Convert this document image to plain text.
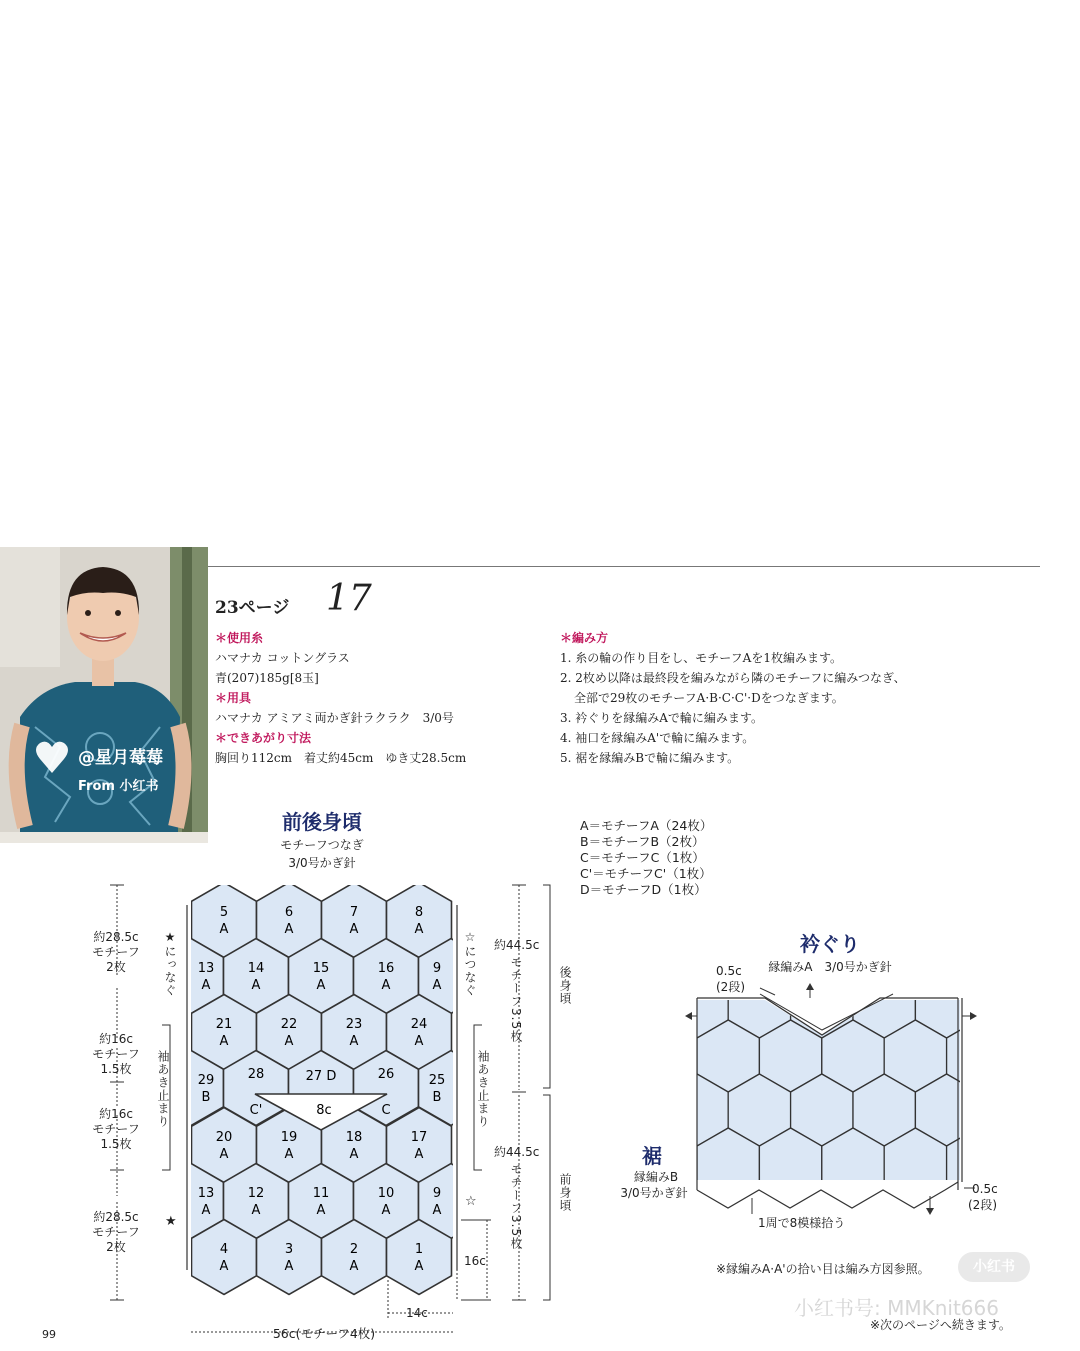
@星月莓莓
From 小红书
23ページ 17
＊使用糸
ハマナカ コットングラス
青(207)185g[8玉]
＊用具
ハマナカ アミアミ両かぎ針ラクラク　3/0号
＊できあがり寸法
胸回り112cm　着丈約45cm　ゆき丈28.5cm
＊編み方
1. 糸の輪の作り目をし、モチーフAを1枚編みます。
2. 2枚め以降は最終段を編みながら隣のモチーフに編みつなぎ、
全部で29枚のモチーフA·B·C·C'·Dをつなぎます。
3. 衿ぐりを縁編みAで輪に編みます。
4. 袖口を縁編みA'で輪に編みます。
5. 裾を縁編みBで輪に編みます。
前後身頃
モチーフつなぎ
3/0号かぎ針
A＝モチーフA（24枚）
B＝モチーフB（2枚）
C＝モチーフC（1枚）
C'＝モチーフC'（1枚）
D＝モチーフD（1枚）
5
A
6
A
7
A
8
A
13
A
14
A
15
A
16
A
9
A
21
A
22
A
23
A
24
A
29
B
28
C'
27 D	26
C
25
B
20
A
19
A
18
A
17
A
13
A
12
A
11
A
10
A
9
A
4
A
3
A
2
A
1
A
8c
約28.5c
モチーフ
2枚
約16c
モチーフ
1.5枚
約16c
モチーフ
1.5枚
約28.5c
モチーフ
2枚
★にっなぐ	☆につなぐ
袖あき止まり	袖あき止まり
★
☆
約44.5c
モチーフ3.5枚
約44.5c
モチーフ3.5枚
後身頃
前身頃
16c
14c
56c(モチーフ4枚)
衿ぐり
縁編みA　3/0号かぎ針
0.5c
(2段)
裾
縁編みB
3/0号かぎ針	0.5c
(2段)
1周で8模様拾う
※縁編みA·A'の拾い目は編み方図参照。
※次のページへ続きます。
99
小红书号: MMKnit666
小红书
